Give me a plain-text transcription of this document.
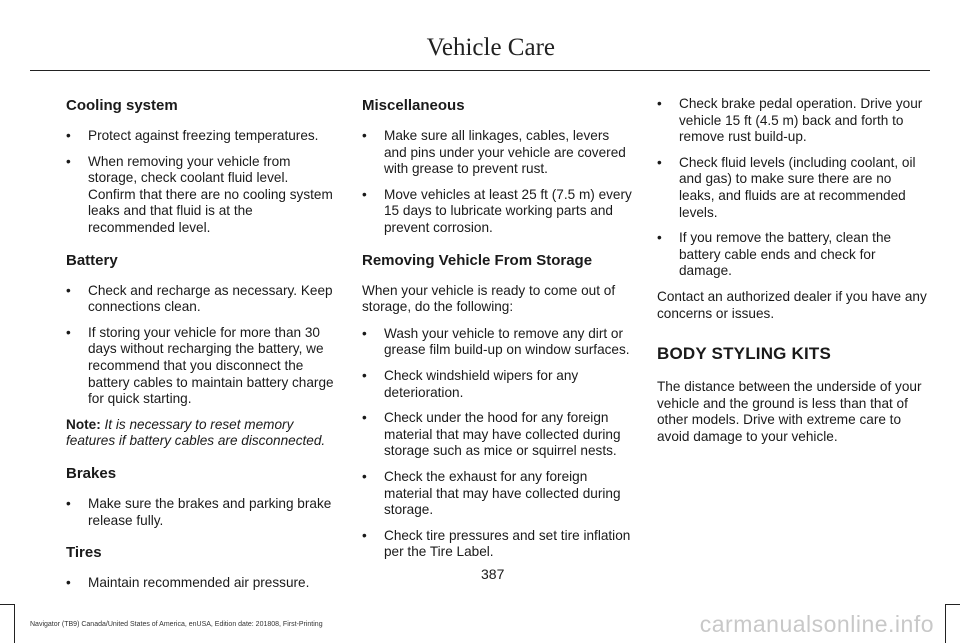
Vehicle Care
Cooling system
• Protect against freezing temperatures.
• When removing your vehicle from storage, check coolant fluid level. Confirm that there are no cooling system leaks and that fluid is at the recommended level.
Battery
• Check and recharge as necessary. Keep connections clean.
• If storing your vehicle for more than 30 days without recharging the battery, we recommend that you disconnect the battery cables to maintain battery charge for quick starting.

Note: It is necessary to reset memory features if battery cables are disconnected.

Brakes
• Make sure the brakes and parking brake release fully.
Tires
• Maintain recommended air pressure.
Miscellaneous
• Make sure all linkages, cables, levers and pins under your vehicle are covered with grease to prevent rust.
• Move vehicles at least 25 ft (7.5 m) every 15 days to lubricate working parts and prevent corrosion.
Removing Vehicle From Storage

When your vehicle is ready to come out of storage, do the following:

• Wash your vehicle to remove any dirt or grease film build-up on window surfaces.
• Check windshield wipers for any deterioration.
• Check under the hood for any foreign material that may have collected during storage such as mice or squirrel nests.
• Check the exhaust for any foreign material that may have collected during storage.
• Check tire pressures and set tire inflation per the Tire Label.
• Check brake pedal operation. Drive your vehicle 15 ft (4.5 m) back and forth to remove rust build-up.
• Check fluid levels (including coolant, oil and gas) to make sure there are no leaks, and fluids are at recommended levels.
• If you remove the battery, clean the battery cable ends and check for damage.

Contact an authorized dealer if you have any concerns or issues.

BODY STYLING KITS

The distance between the underside of your vehicle and the ground is less than that of other models. Drive with extreme care to avoid damage to your vehicle.

387
Navigator (TB9) Canada/United States of America, enUSA, Edition date: 201808, First-Printing	carmanualsonline.info
